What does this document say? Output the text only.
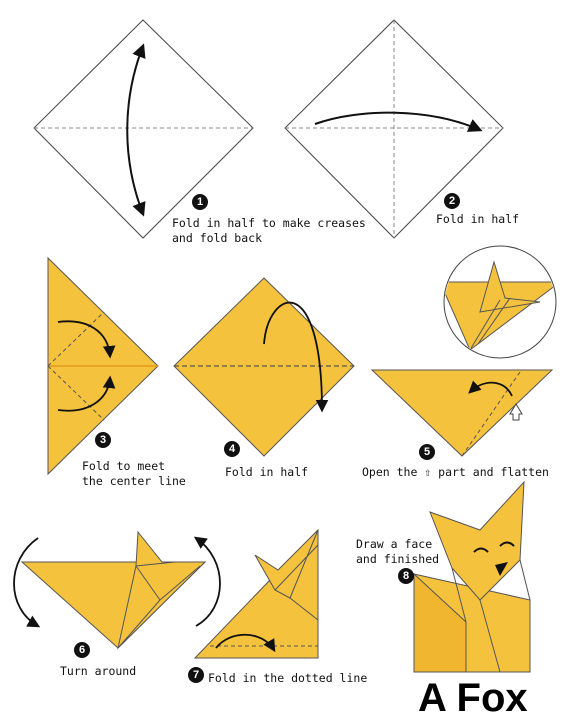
1	2
3
4	5
6
7
8
Fold in half to make creases
and fold back
Fold in half
Fold to meet
the center line
Fold in half	Open the ⇧ part and flatten
Turn around	Fold in the dotted line
Draw a face
and finished
A Fox
